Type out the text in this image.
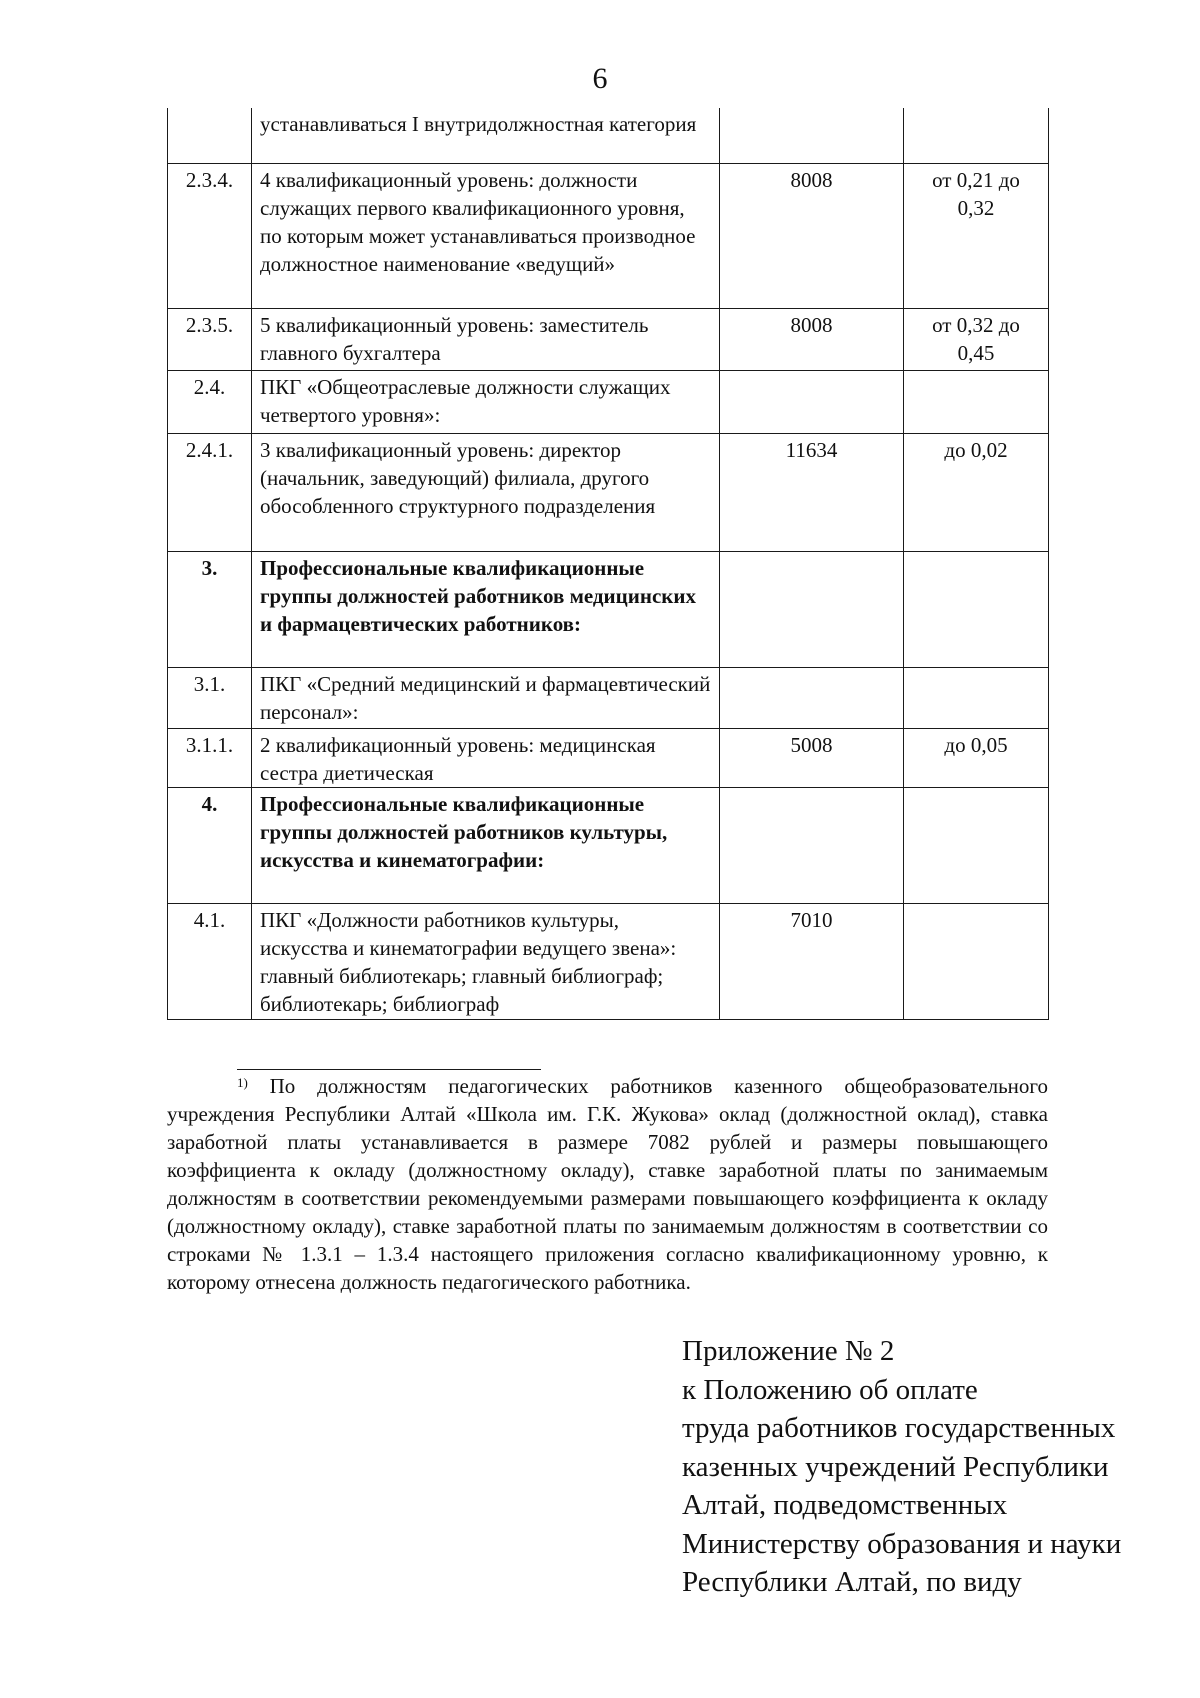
6
	устанавливаться I внутридолжностная категория		
2.3.4.	4 квалификационный уровень: должности служащих первого квалификационного уровня, по которым может устанавливаться производное должностное наименование «ведущий»	8008	от 0,21 до 0,32
2.3.5.	5 квалификационный уровень: заместитель главного бухгалтера	8008	от 0,32 до 0,45
2.4.	ПКГ «Общеотраслевые должности служащих четвертого уровня»:		
2.4.1.	3 квалификационный уровень: директор (начальник, заведующий) филиала, другого обособленного структурного подразделения	11634	до 0,02
3.	Профессиональные квалификационные группы должностей работников медицинских и фармацевтических работников:		
3.1.	ПКГ «Средний медицинский и фармацевтический персонал»:		
3.1.1.	2 квалификационный уровень: медицинская сестра диетическая	5008	до 0,05
4.	Профессиональные квалификационные группы должностей работников культуры, искусства и кинематографии:		
4.1.	ПКГ «Должности работников культуры, искусства и кинематографии ведущего звена»: главный библиотекарь; главный библиограф; библиотекарь; библиограф	7010	
$^{1)}$ По должностям педагогических работников казенного общеобразовательного учреждения Республики Алтай «Школа им. Г.К. Жукова» оклад (должностной оклад), ставка заработной платы устанавливается в размере 7082 рублей и размеры повышающего коэффициента к окладу (должностному окладу), ставке заработной платы по занимаемым должностям в соответствии рекомендуемыми размерами повышающего коэффициента к окладу (должностному окладу), ставке заработной платы по занимаемым должностям в соответствии со строками № 1.3.1 – 1.3.4 настоящего приложения согласно квалификационному уровню, к которому отнесена должность педагогического работника.
Приложение № 2
к Положению об оплате
труда работников государственных
казенных учреждений Республики
Алтай, подведомственных
Министерству образования и науки
Республики Алтай, по виду
